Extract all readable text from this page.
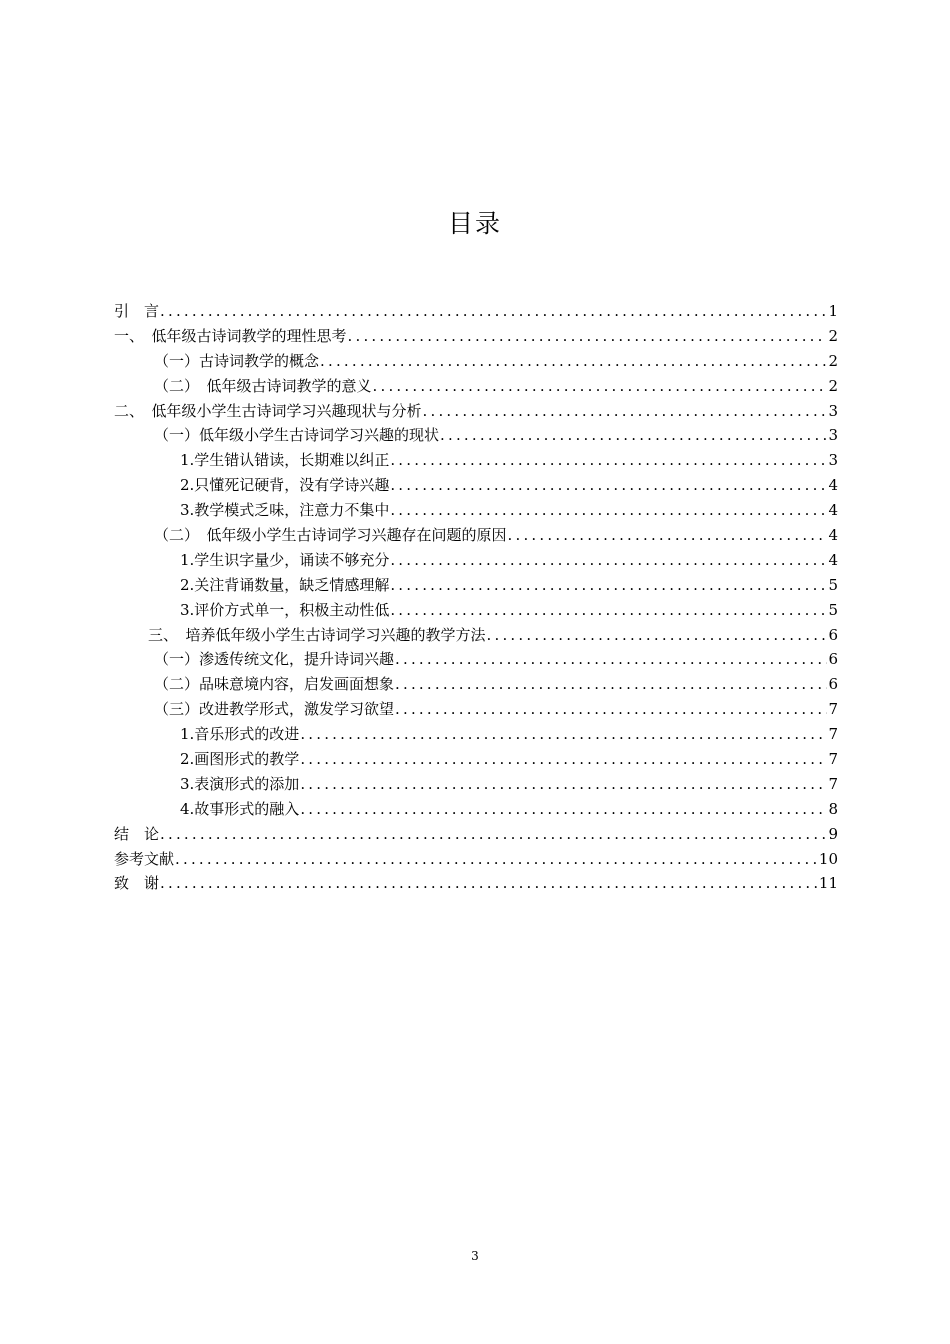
目录
引　言 .....	1
一、　低年级古诗词教学的理性思考 .....	2
（一）古诗词教学的概念 .....	2
（二）　低年级古诗词教学的意义 .....	2
二、　低年级小学生古诗词学习兴趣现状与分析 .....	3
（一）低年级小学生古诗词学习兴趣的现状 .....	3
1.学生错认错读，长期难以纠正 .....	3
2.只懂死记硬背，没有学诗兴趣 .....	4
3.教学模式乏味，注意力不集中 .....	4
（二）　低年级小学生古诗词学习兴趣存在问题的原因 .....	4
1.学生识字量少，诵读不够充分 .....	4
2.关注背诵数量，缺乏情感理解 .....	5
3.评价方式单一，积极主动性低 .....	5
三、　培养低年级小学生古诗词学习兴趣的教学方法 .....	6
（一）渗透传统文化，提升诗词兴趣 .....	6
（二）品味意境内容，启发画面想象 .....	6
（三）改进教学形式，激发学习欲望 .....	7
1.音乐形式的改进 .....	7
2.画图形式的教学 .....	7
3.表演形式的添加 .....	7
4.故事形式的融入 .....	8
结　论 .....	9
参考文献 .....	10
致　谢 .....	11
3
